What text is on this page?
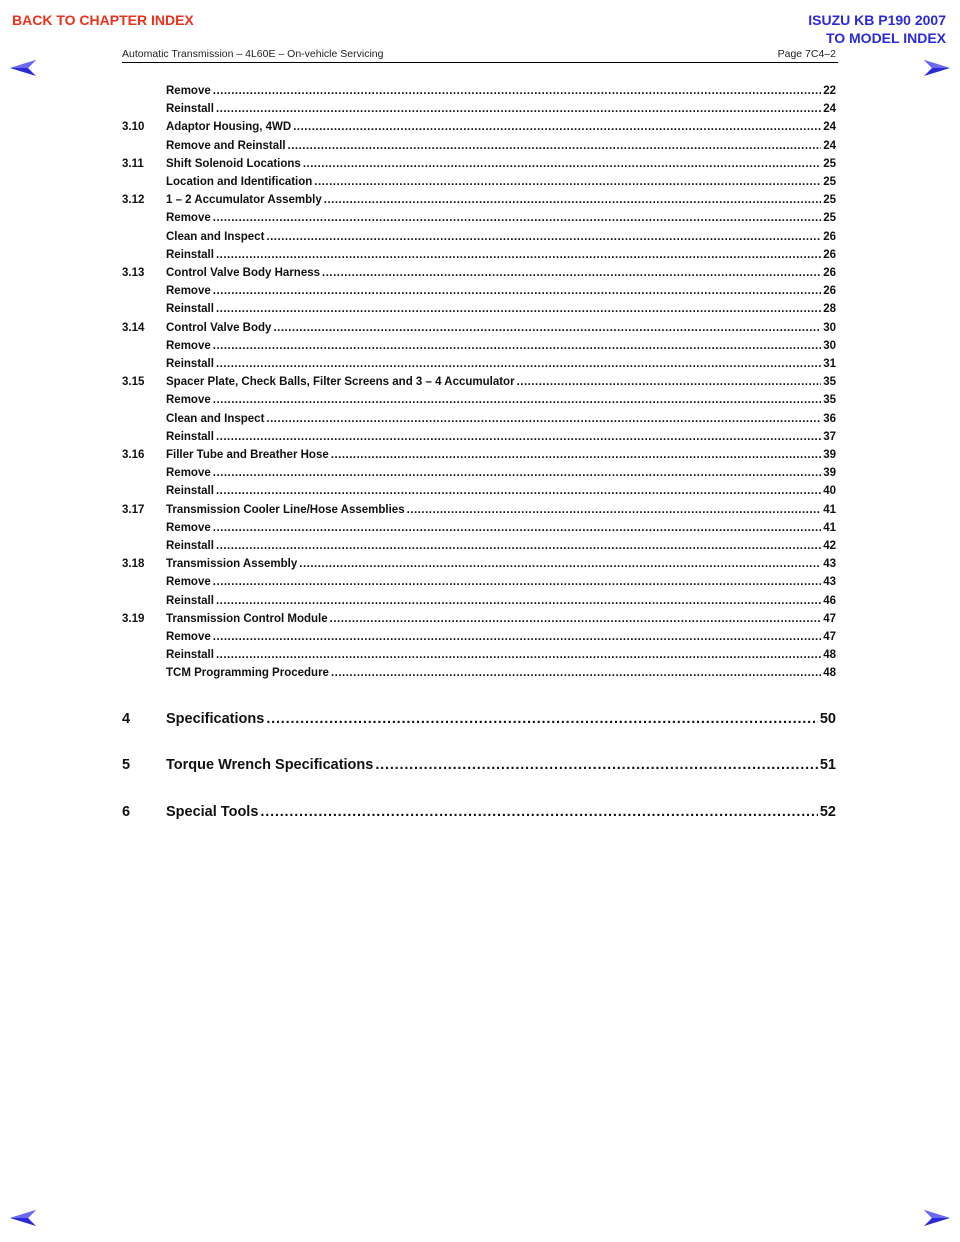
BACK TO CHAPTER INDEX	ISUZU KB P190 2007
TO MODEL INDEX
Automatic Transmission – 4L60E – On-vehicle Servicing	Page 7C4–2
Remove .....	22
Reinstall .....	24
3.10	Adaptor Housing, 4WD .....	24
Remove and Reinstall .....	24
3.11	Shift Solenoid Locations .....	25
Location and Identification .....	25
3.12	1 – 2 Accumulator Assembly .....	25
Remove .....	25
Clean and Inspect .....	26
Reinstall .....	26
3.13	Control Valve Body Harness .....	26
Remove .....	26
Reinstall .....	28
3.14	Control Valve Body .....	30
Remove .....	30
Reinstall .....	31
3.15	Spacer Plate, Check Balls, Filter Screens and 3 – 4 Accumulator .....	35
Remove .....	35
Clean and Inspect .....	36
Reinstall .....	37
3.16	Filler Tube and Breather Hose .....	39
Remove .....	39
Reinstall .....	40
3.17	Transmission Cooler Line/Hose Assemblies .....	41
Remove .....	41
Reinstall .....	42
3.18	Transmission Assembly .....	43
Remove .....	43
Reinstall .....	46
3.19	Transmission Control Module .....	47
Remove .....	47
Reinstall .....	48
TCM Programming Procedure .....	48
4	Specifications .....	50
5	Torque Wrench Specifications .....	51
6	Special Tools .....	52
